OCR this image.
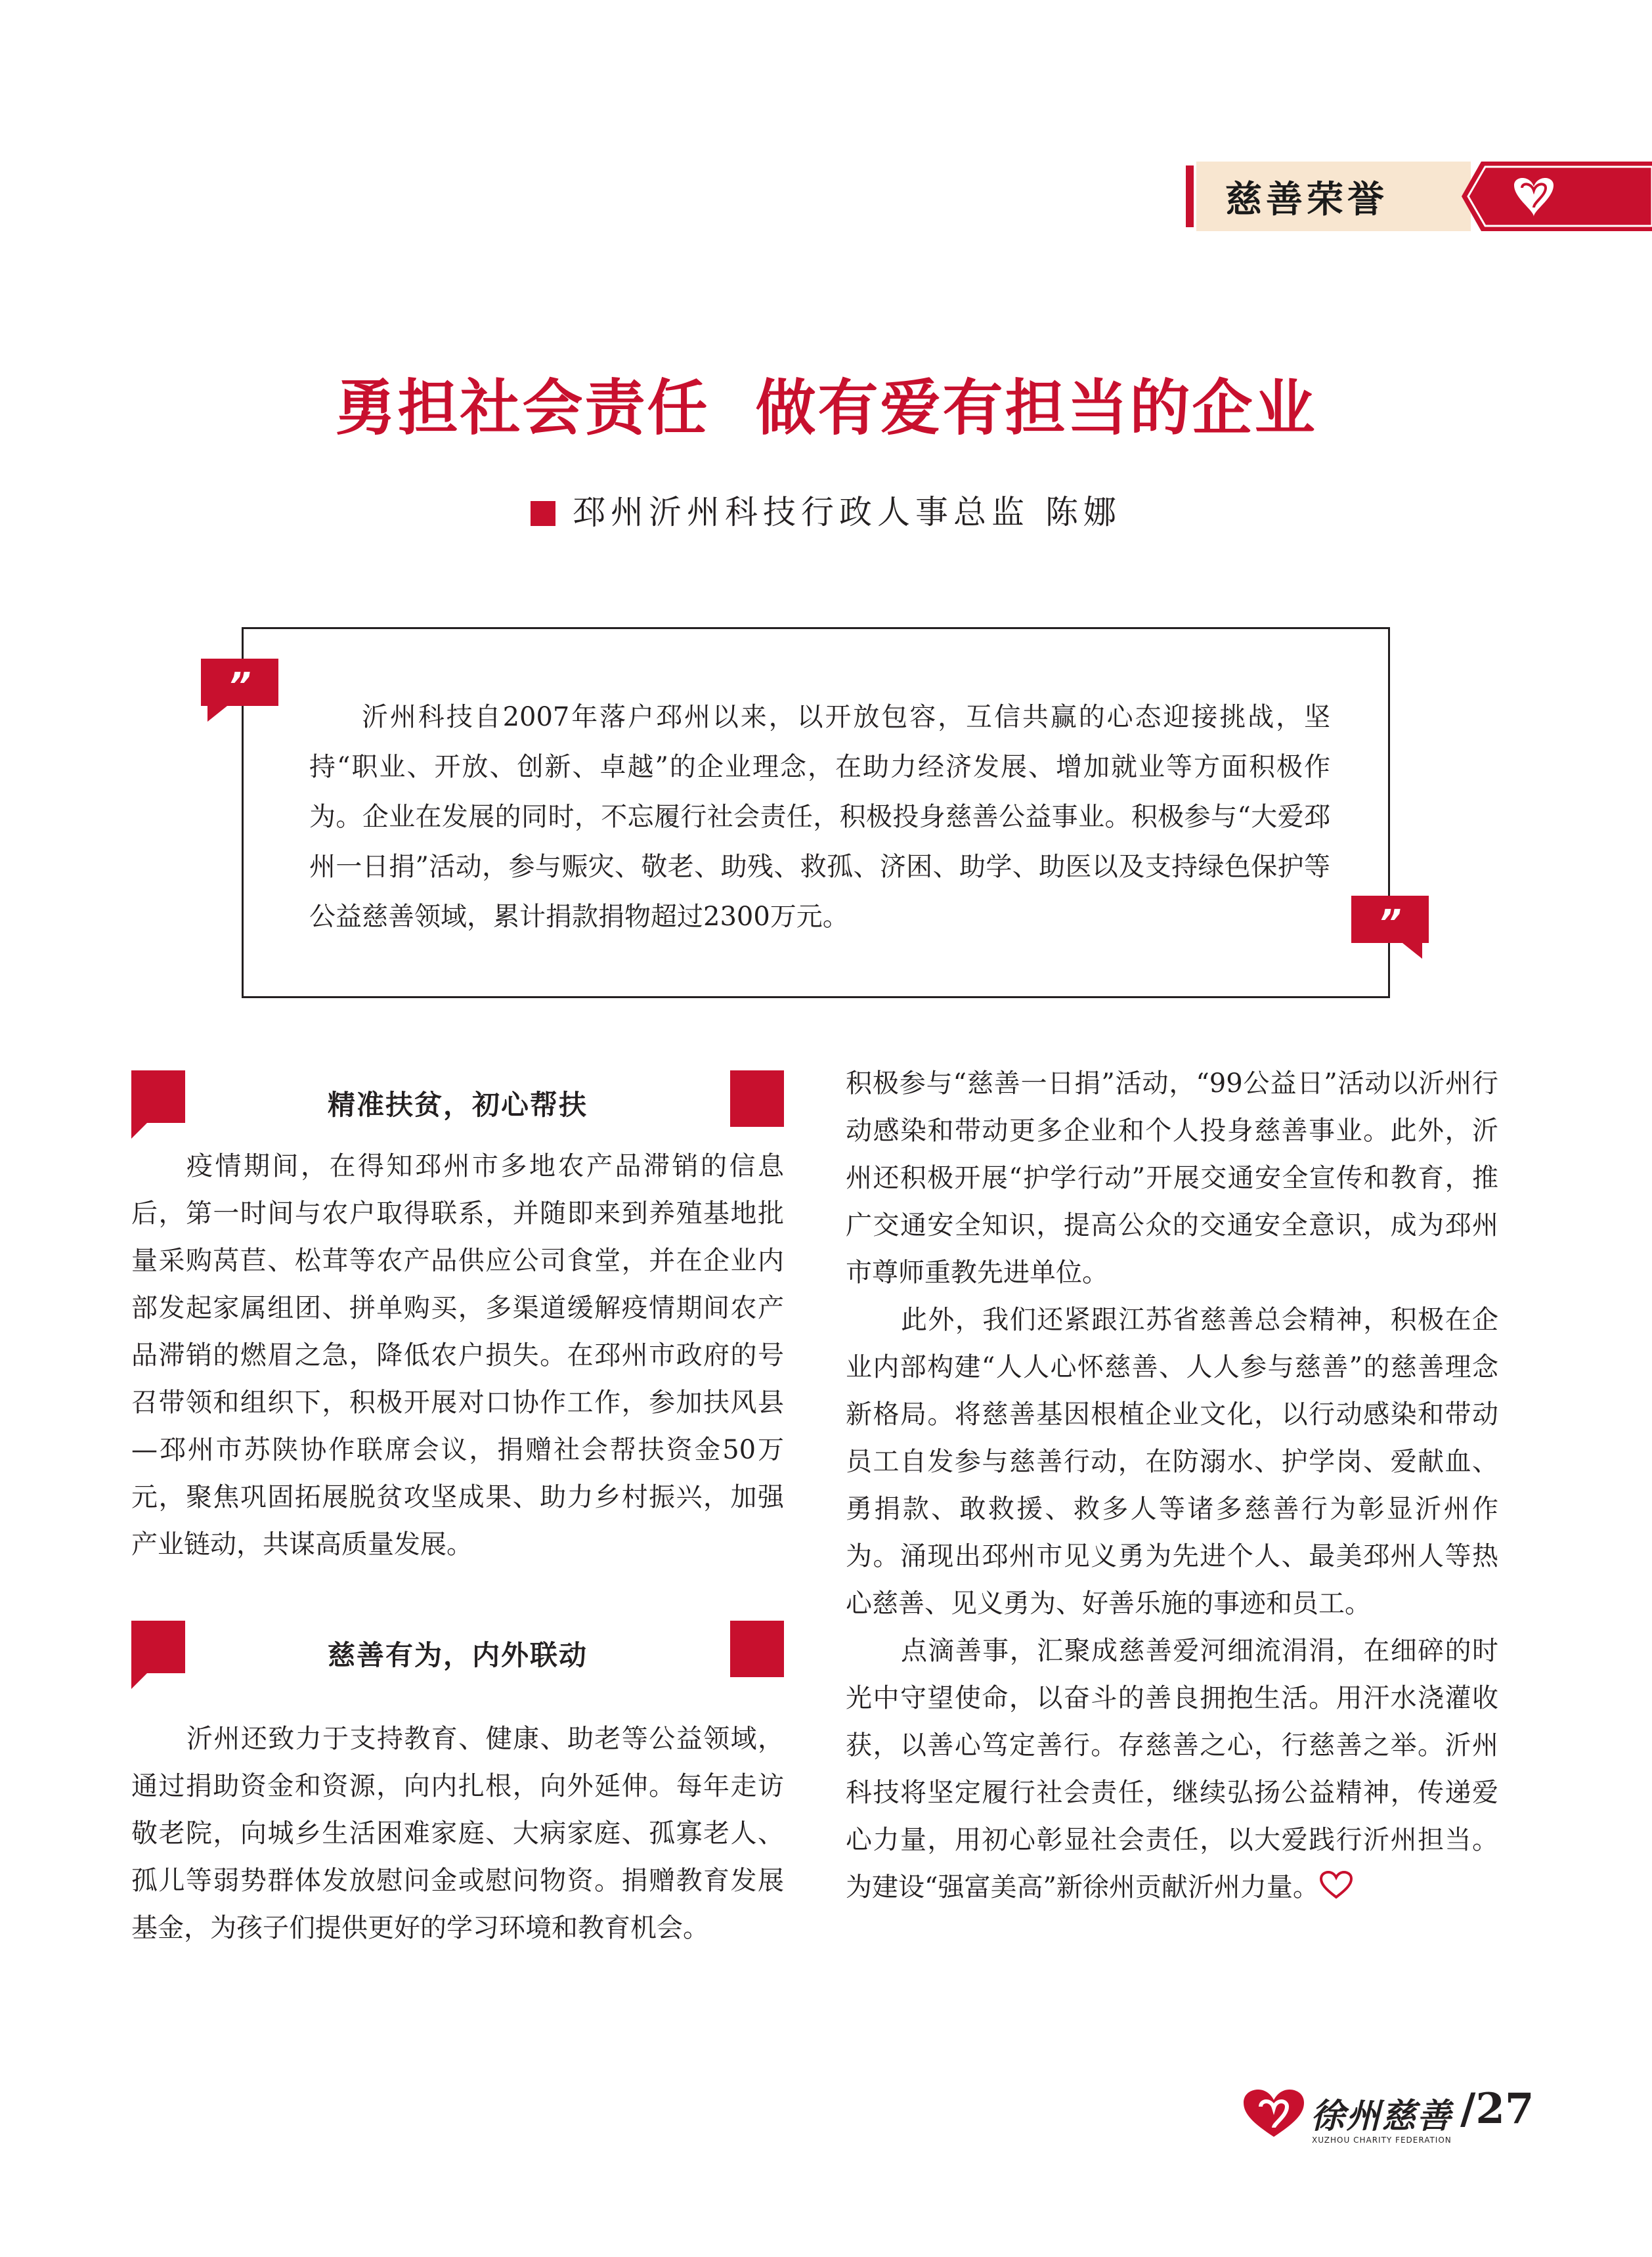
慈善荣誉
勇担社会责任  做有爱有担当的企业
邳州沂州科技行政人事总监 陈娜
沂州科技自2007年落户邳州以来，以开放包容，互信共赢的心态迎接挑战，坚持“职业、开放、创新、卓越”的企业理念，在助力经济发展、增加就业等方面积极作为。企业在发展的同时，不忘履行社会责任，积极投身慈善公益事业。积极参与“大爱邳州一日捐”活动，参与赈灾、敬老、助残、救孤、济困、助学、助医以及支持绿色保护等公益慈善领域，累计捐款捐物超过2300万元。
”
”
精准扶贫，初心帮扶

疫情期间，在得知邳州市多地农产品滞销的信息后，第一时间与农户取得联系，并随即来到养殖基地批量采购莴苣、松茸等农产品供应公司食堂，并在企业内部发起家属组团、拼单购买，多渠道缓解疫情期间农产品滞销的燃眉之急，降低农户损失。在邳州市政府的号召带领和组织下，积极开展对口协作工作，参加扶风县—邳州市苏陕协作联席会议，捐赠社会帮扶资金50万元，聚焦巩固拓展脱贫攻坚成果、助力乡村振兴，加强产业链动，共谋高质量发展。

慈善有为，内外联动

沂州还致力于支持教育、健康、助老等公益领域，通过捐助资金和资源，向内扎根，向外延伸。每年走访敬老院，向城乡生活困难家庭、大病家庭、孤寡老人、孤儿等弱势群体发放慰问金或慰问物资。捐赠教育发展基金，为孩子们提供更好的学习环境和教育机会。

积极参与“慈善一日捐”活动，“99公益日”活动以沂州行动感染和带动更多企业和个人投身慈善事业。此外，沂州还积极开展“护学行动”开展交通安全宣传和教育，推广交通安全知识，提高公众的交通安全意识，成为邳州市尊师重教先进单位。

此外，我们还紧跟江苏省慈善总会精神，积极在企业内部构建“人人心怀慈善、人人参与慈善”的慈善理念新格局。将慈善基因根植企业文化，以行动感染和带动员工自发参与慈善行动，在防溺水、护学岗、爱献血、勇捐款、敢救援、救多人等诸多慈善行为彰显沂州作为。涌现出邳州市见义勇为先进个人、最美邳州人等热心慈善、见义勇为、好善乐施的事迹和员工。

点滴善事，汇聚成慈善爱河细流涓涓，在细碎的时光中守望使命，以奋斗的善良拥抱生活。用汗水浇灌收获，以善心笃定善行。存慈善之心，行慈善之举。沂州科技将坚定履行社会责任，继续弘扬公益精神，传递爱心力量，用初心彰显社会责任，以大爱践行沂州担当。为建设“强富美高”新徐州贡献沂州力量。

徐州慈善
XUZHOU CHARITY FEDERATION
/27
